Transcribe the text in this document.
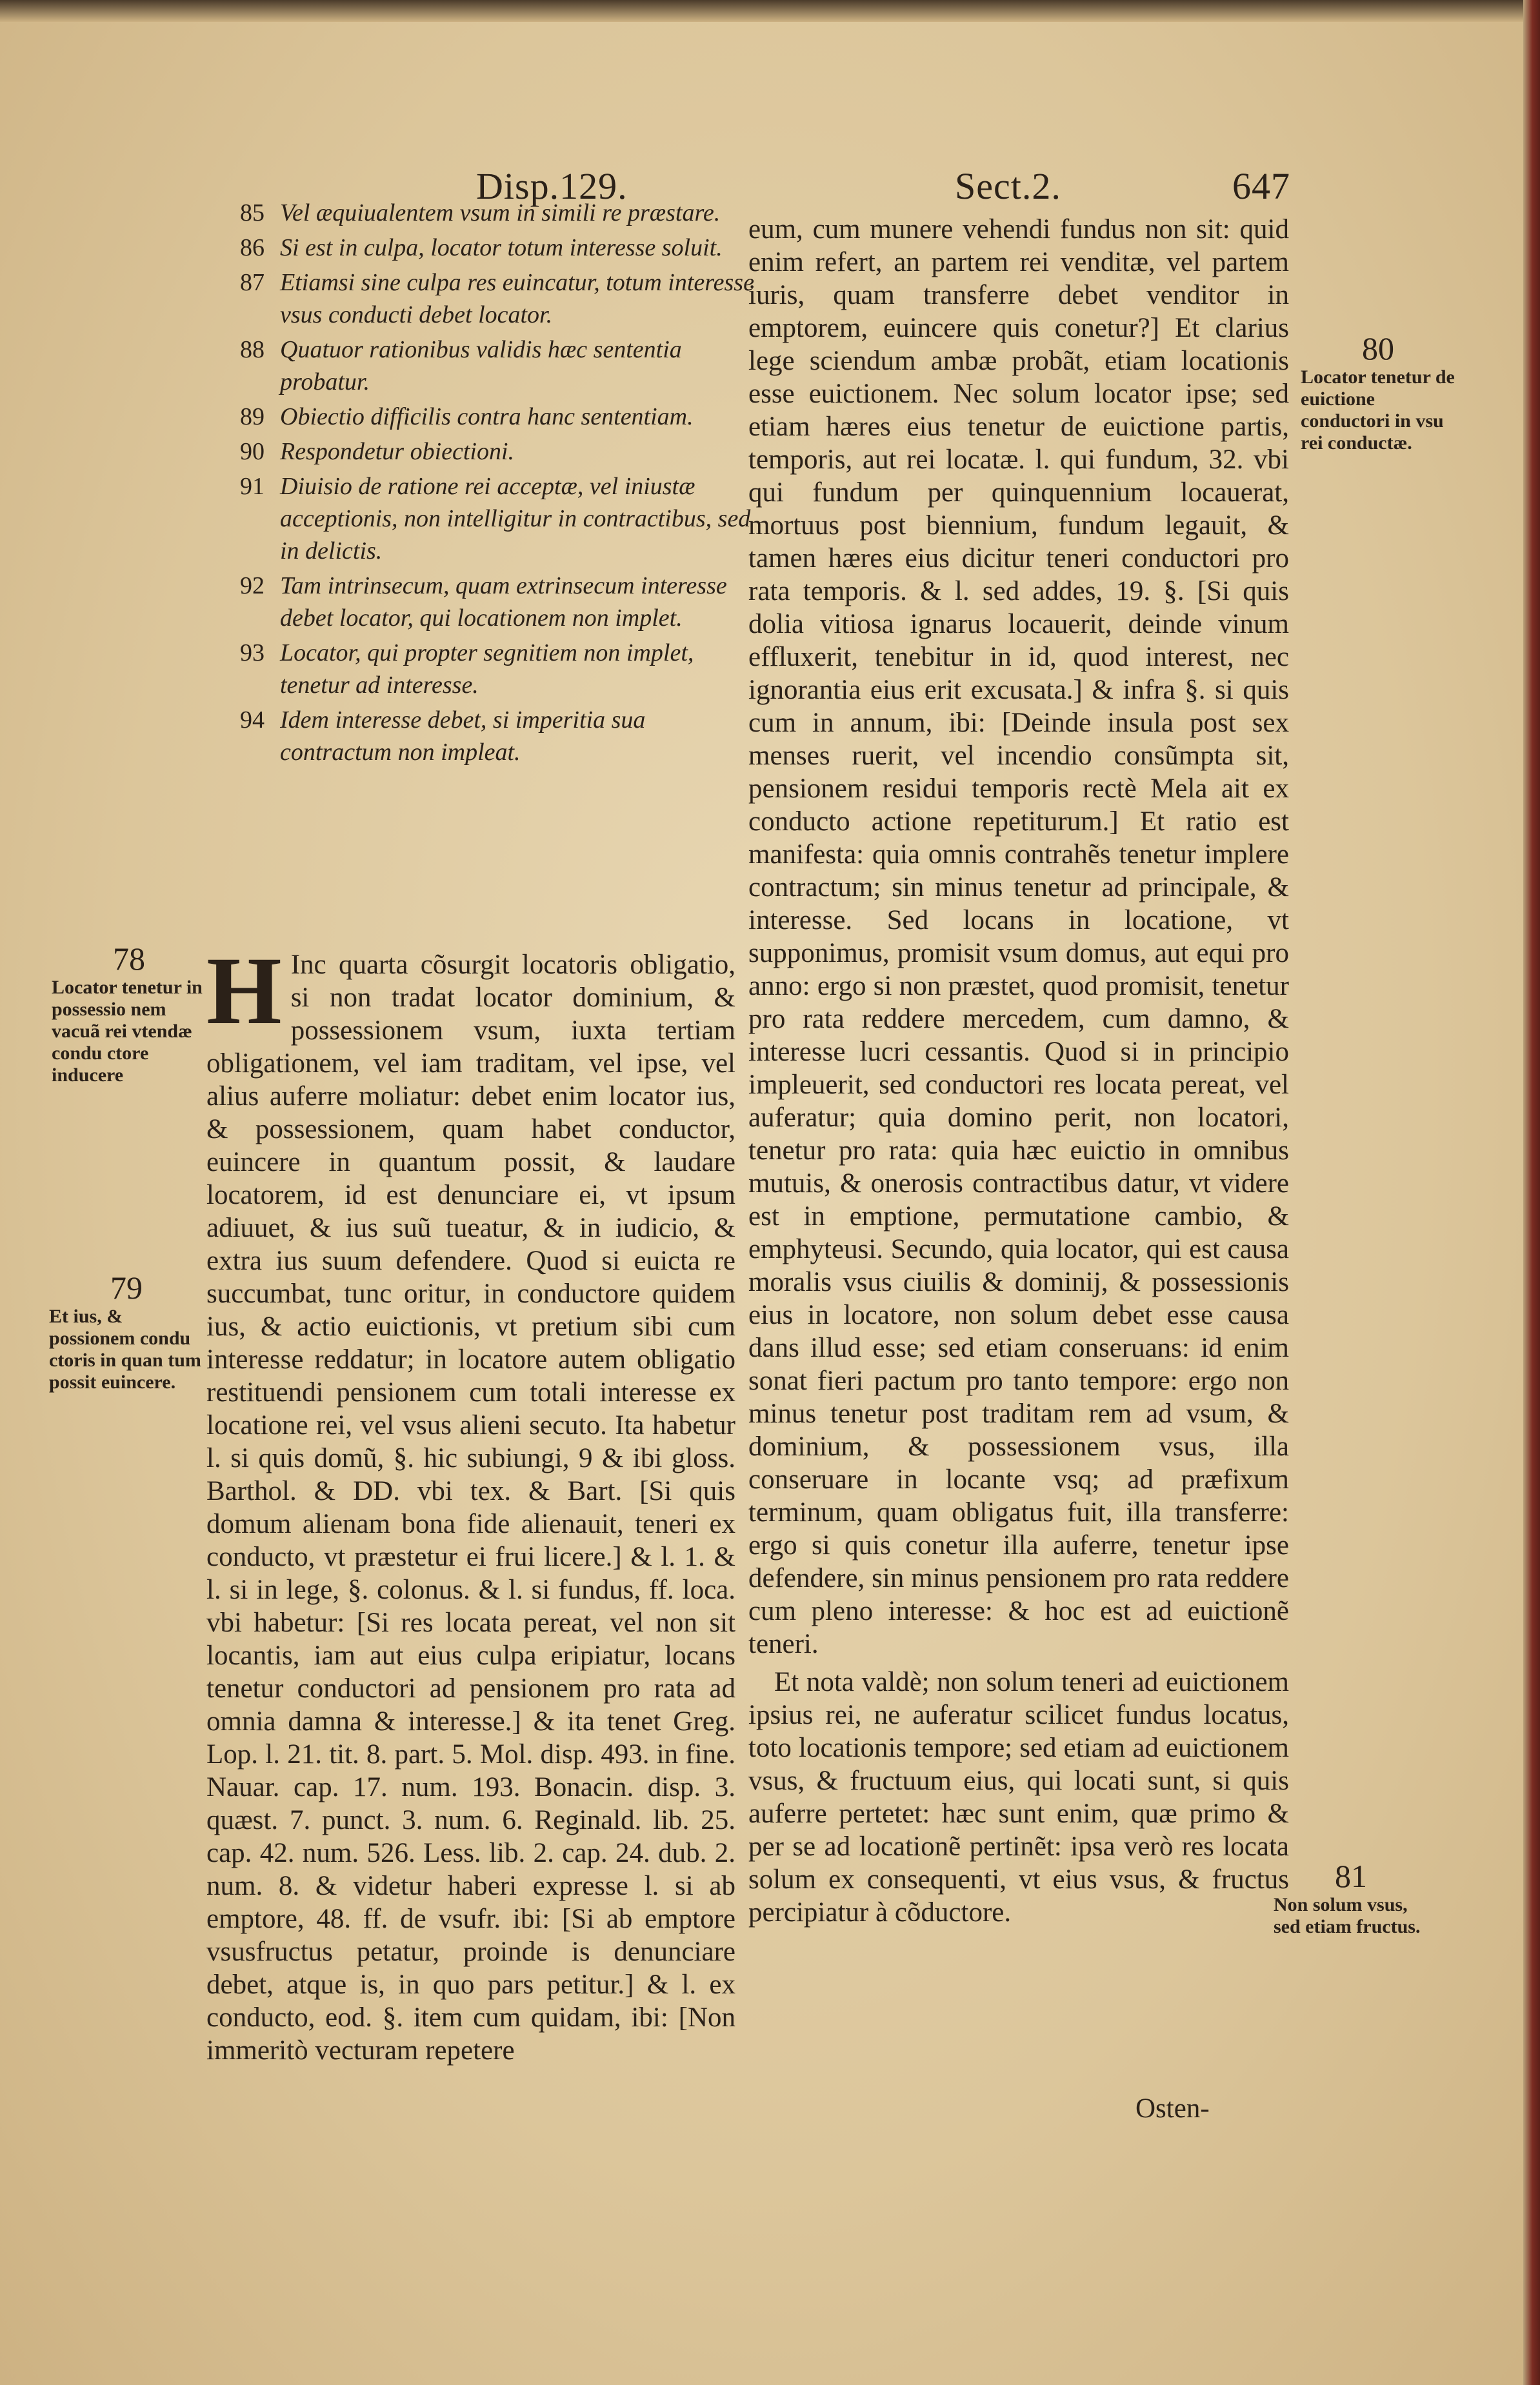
Disp.129.	Sect.2.	647
85 Vel æquiualentem vsum in simili re præstare.
86 Si est in culpa, locator totum interesse soluit.
87 Etiamsi sine culpa res euincatur, totum interesse vsus conducti debet locator.
88 Quatuor rationibus validis hæc sententia probatur.
89 Obiectio difficilis contra hanc sententiam.
90 Respondetur obiectioni.
91 Diuisio de ratione rei acceptæ, vel iniustæ acceptionis, non intelligitur in contractibus, sed in delictis.
92 Tam intrinsecum, quam extrinsecum interesse debet locator, qui locationem non implet.
93 Locator, qui propter segnitiem non implet, tenetur ad interesse.
94 Idem interesse debet, si imperitia sua contractum non impleat.

H Inc quarta cõsurgit locatoris obligatio, si non tradat locator dominium, & possessionem vsum, iuxta tertiam obligationem, vel iam traditam, vel ipse, vel alius auferre moliatur: debet enim locator ius, & possessionem, quam habet conductor, euincere in quantum possit, & laudare locatorem, id est denunciare ei, vt ipsum adiuuet, & ius suũ tueatur, & in iudicio, & extra ius suum defendere. Quod si euicta re succumbat, tunc oritur, in conductore quidem ius, & actio euictionis, vt pretium sibi cum interesse reddatur; in locatore autem obligatio restituendi pensionem cum totali interesse ex locatione rei, vel vsus alieni secuto. Ita habetur l. si quis domũ, §. hic subiungi, 9 & ibi gloss. Barthol. & DD. vbi tex. & Bart. [Si quis domum alienam bona fide alienauit, teneri ex conducto, vt præstetur ei frui licere.] & l. 1. & l. si in lege, §. colonus. & l. si fundus, ff. loca. vbi habetur: [Si res locata pereat, vel non sit locantis, iam aut eius culpa eripiatur, locans tenetur conductori ad pensionem pro rata ad omnia damna & interesse.] & ita tenet Greg. Lop. l. 21. tit. 8. part. 5. Mol. disp. 493. in fine. Nauar. cap. 17. num. 193. Bonacin. disp. 3. quæst. 7. punct. 3. num. 6. Reginald. lib. 25. cap. 42. num. 526. Less. lib. 2. cap. 24. dub. 2. num. 8. & videtur haberi expresse l. si ab emptore, 48. ff. de vsufr. ibi: [Si ab emptore vsusfructus petatur, proinde is denunciare debet, atque is, in quo pars petitur.] & l. ex conducto, eod. §. item cum quidam, ibi: [Non immeritò vecturam repetere

eum, cum munere vehendi fundus non sit: quid enim refert, an partem rei venditæ, vel partem iuris, quam transferre debet venditor in emptorem, euincere quis conetur?] Et clarius lege sciendum ambæ probãt, etiam locationis esse euictionem. Nec solum locator ipse; sed etiam hæres eius tenetur de euictione partis, temporis, aut rei locatæ. l. qui fundum, 32. vbi qui fundum per quinquennium locauerat, mortuus post biennium, fundum legauit, & tamen hæres eius dicitur teneri conductori pro rata temporis. & l. sed addes, 19. §. [Si quis dolia vitiosa ignarus locauerit, deinde vinum effluxerit, tenebitur in id, quod interest, nec ignorantia eius erit excusata.] & infra §. si quis cum in annum, ibi: [Deinde insula post sex menses ruerit, vel incendio consũmpta sit, pensionem residui temporis rectè Mela ait ex conducto actione repetiturum.] Et ratio est manifesta: quia omnis contrahẽs tenetur implere contractum; sin minus tenetur ad principale, & interesse. Sed locans in locatione, vt supponimus, promisit vsum domus, aut equi pro anno: ergo si non præstet, quod promisit, tenetur pro rata reddere mercedem, cum damno, & interesse lucri cessantis. Quod si in principio impleuerit, sed conductori res locata pereat, vel auferatur; quia domino perit, non locatori, tenetur pro rata: quia hæc euictio in omnibus mutuis, & onerosis contractibus datur, vt videre est in emptione, permutatione cambio, & emphyteusi. Secundo, quia locator, qui est causa moralis vsus ciuilis & dominij, & possessionis eius in locatore, non solum debet esse causa dans illud esse; sed etiam conseruans: id enim sonat fieri pactum pro tanto tempore: ergo non minus tenetur post traditam rem ad vsum, & dominium, & possessionem vsus, illa conseruare in locante vsq; ad præfixum terminum, quam obligatus fuit, illa transferre: ergo si quis conetur illa auferre, tenetur ipse defendere, sin minus pensionem pro rata reddere cum pleno interesse: & hoc est ad euictionẽ teneri.

Et nota valdè; non solum teneri ad euictionem ipsius rei, ne auferatur scilicet fundus locatus, toto locationis tempore; sed etiam ad euictionem vsus, & fructuum eius, qui locati sunt, si quis auferre pertetet: hæc sunt enim, quæ primo & per se ad locationẽ pertinẽt: ipsa verò res locata solum ex consequenti, vt eius vsus, & fructus percipiatur à cõductore.

Osten-
78
Locator tenetur in possessio nem vacuã rei vtendæ condu ctore inducere
79
Et ius, & possionem condu ctoris in quan tum possit euincere.
80
Locator tenetur de euictione conductori in vsu rei conductæ.
81
Non solum vsus, sed etiam fructus.
